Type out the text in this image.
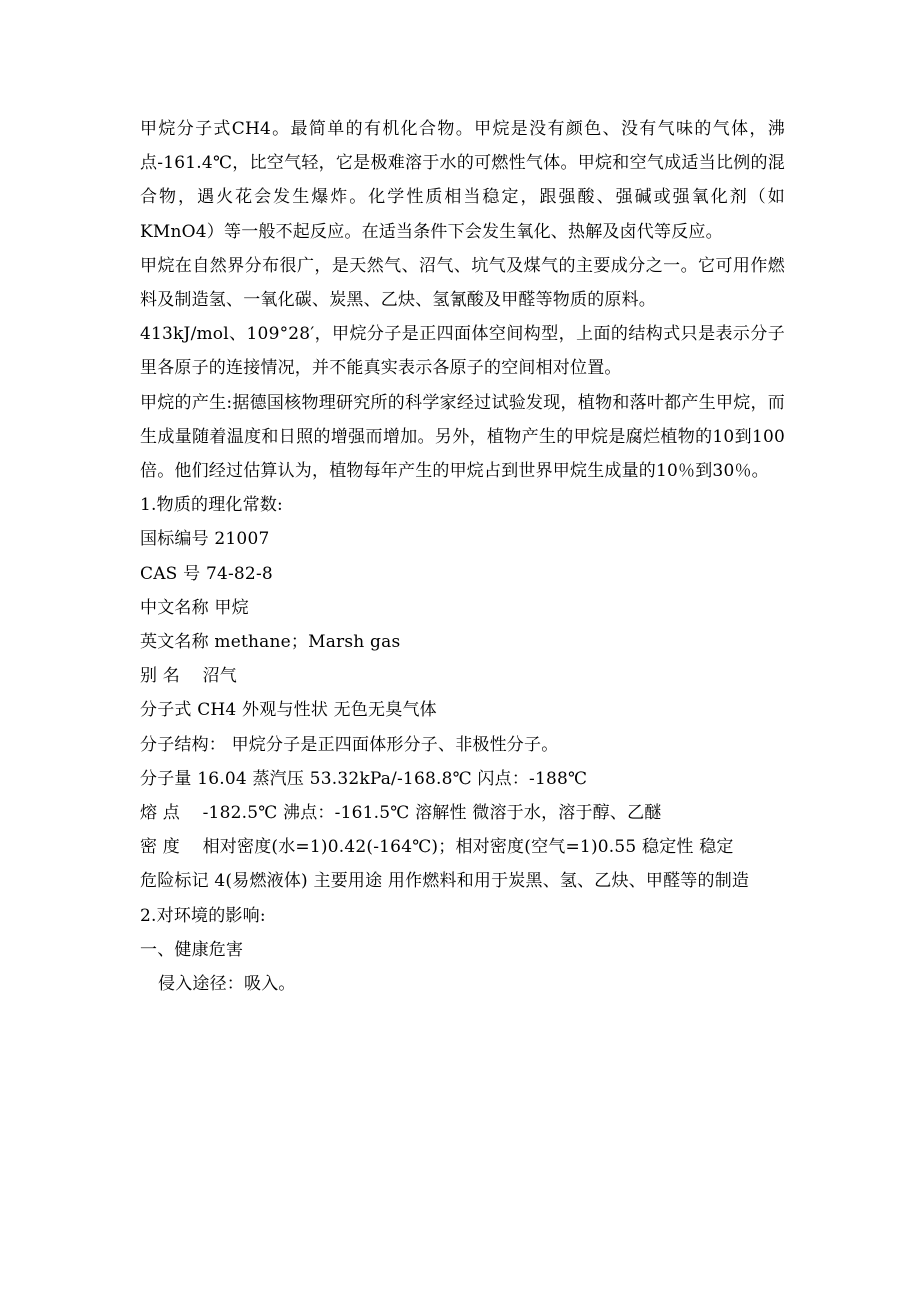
甲烷分子式CH4。最简单的有机化合物。甲烷是没有颜色、没有气味的气体，沸点-161.4℃，比空气轻，它是极难溶于水的可燃性气体。甲烷和空气成适当比例的混合物，遇火花会发生爆炸。化学性质相当稳定，跟强酸、强碱或强氧化剂（如KMnO4）等一般不起反应。在适当条件下会发生氧化、热解及卤代等反应。

甲烷在自然界分布很广，是天然气、沼气、坑气及煤气的主要成分之一。它可用作燃料及制造氢、一氧化碳、炭黑、乙炔、氢氰酸及甲醛等物质的原料。

413kJ/mol、109°28′，甲烷分子是正四面体空间构型，上面的结构式只是表示分子里各原子的连接情况，并不能真实表示各原子的空间相对位置。

甲烷的产生:据德国核物理研究所的科学家经过试验发现，植物和落叶都产生甲烷，而生成量随着温度和日照的增强而增加。另外，植物产生的甲烷是腐烂植物的10到100倍。他们经过估算认为，植物每年产生的甲烷占到世界甲烷生成量的10％到30％。

1.物质的理化常数:

国标编号 21007

CAS 号 74-82-8

中文名称 甲烷

英文名称 methane；Marsh gas

别 名 沼气

分子式 CH4 外观与性状 无色无臭气体

分子结构： 甲烷分子是正四面体形分子、非极性分子。

分子量 16.04 蒸汽压 53.32kPa/-168.8℃ 闪点：-188℃

熔 点 -182.5℃ 沸点：-161.5℃ 溶解性 微溶于水，溶于醇、乙醚

密 度 相对密度(水=1)0.42(-164℃)；相对密度(空气=1)0.55 稳定性 稳定

危险标记 4(易燃液体) 主要用途 用作燃料和用于炭黑、氢、乙炔、甲醛等的制造

2.对环境的影响:

一、健康危害

侵入途径：吸入。
